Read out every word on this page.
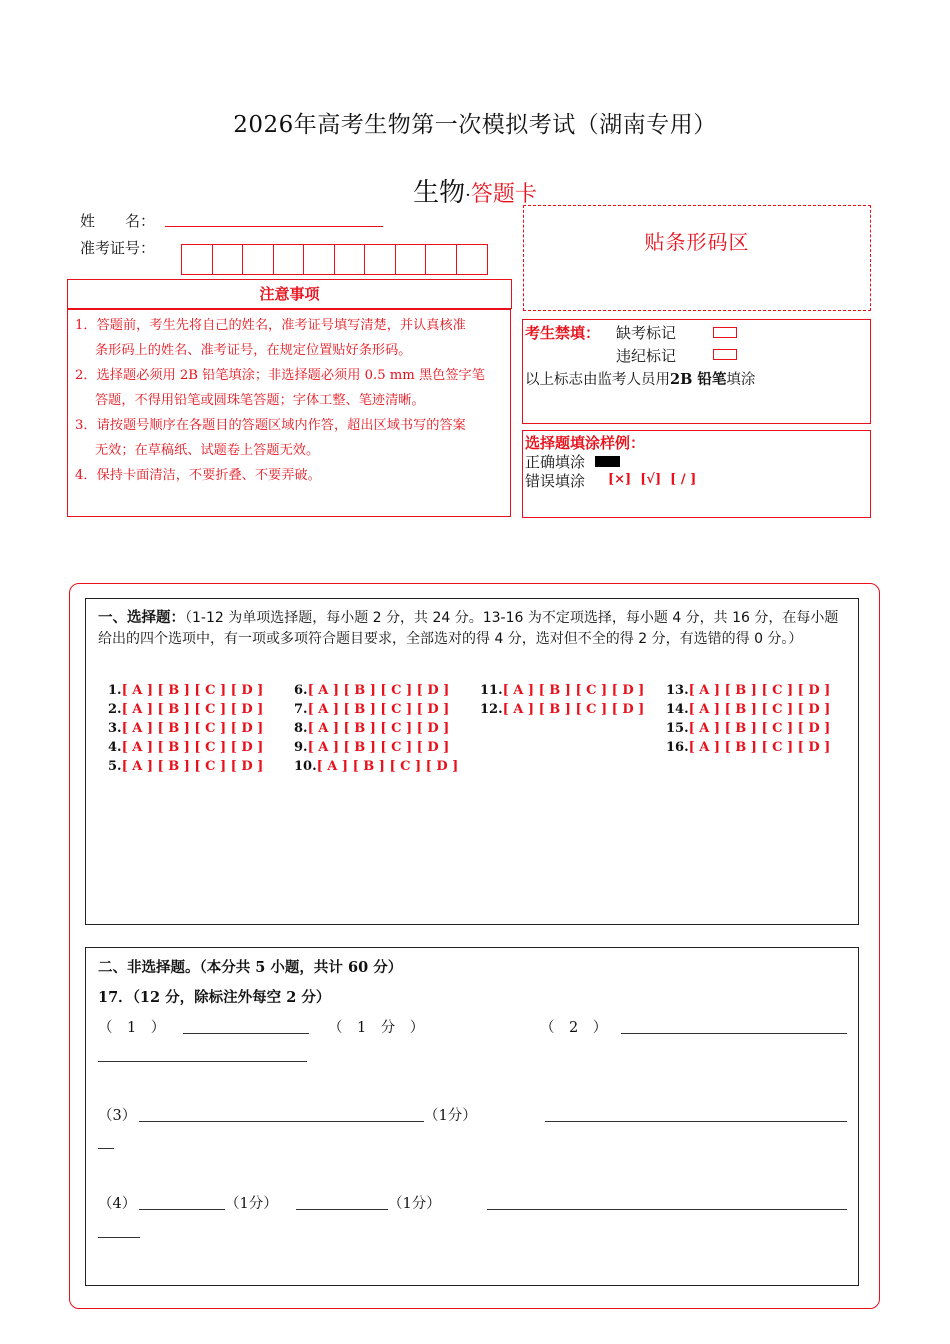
2026年高考生物第一次模拟考试（湖南专用）
生物·答题卡
姓　　名：
准考证号：
注意事项

1．答题前，考生先将自己的姓名，准考证号填写清楚，并认真核准

条形码上的姓名、准考证号，在规定位置贴好条形码。

2．选择题必须用 2B 铅笔填涂；非选择题必须用 0.5 mm 黑色签字笔

答题，不得用铅笔或圆珠笔答题；字体工整、笔迹清晰。

3．请按题号顺序在各题目的答题区域内作答，超出区域书写的答案

无效；在草稿纸、试题卷上答题无效。

4．保持卡面清洁，不要折叠、不要弄破。

贴条形码区
考生禁填： 缺考标记
违纪标记
以上标志由监考人员用2B 铅笔填涂
选择题填涂样例：
正确填涂
错误填涂 [×]  [√]  [ / ]
一、选择题：（1-12 为单项选择题，每小题 2 分，共 24 分。13-16 为不定项选择，每小题 4 分，共 16 分，在每小题给出的四个选项中，有一项或多项符合题目要求，全部选对的得 4 分，选对但不全的得 2 分，有选错的得 0 分。）
1.[ A ] [ B ] [ C ] [ D ]
2.[ A ] [ B ] [ C ] [ D ]
3.[ A ] [ B ] [ C ] [ D ]
4.[ A ] [ B ] [ C ] [ D ]
5.[ A ] [ B ] [ C ] [ D ]
6.[ A ] [ B ] [ C ] [ D ]
7.[ A ] [ B ] [ C ] [ D ]
8.[ A ] [ B ] [ C ] [ D ]
9.[ A ] [ B ] [ C ] [ D ]
10.[ A ] [ B ] [ C ] [ D ]
11.[ A ] [ B ] [ C ] [ D ]
12.[ A ] [ B ] [ C ] [ D ]
13.[ A ] [ B ] [ C ] [ D ]
14.[ A ] [ B ] [ C ] [ D ]
15.[ A ] [ B ] [ C ] [ D ]
16.[ A ] [ B ] [ C ] [ D ]
二、非选择题。（本分共 5 小题，共计 60 分）
17．（12 分，除标注外每空 2 分）
（　1　）	（　1　分　）	（　2　）
（3）	（1分）
（4）	（1分）	（1分）
